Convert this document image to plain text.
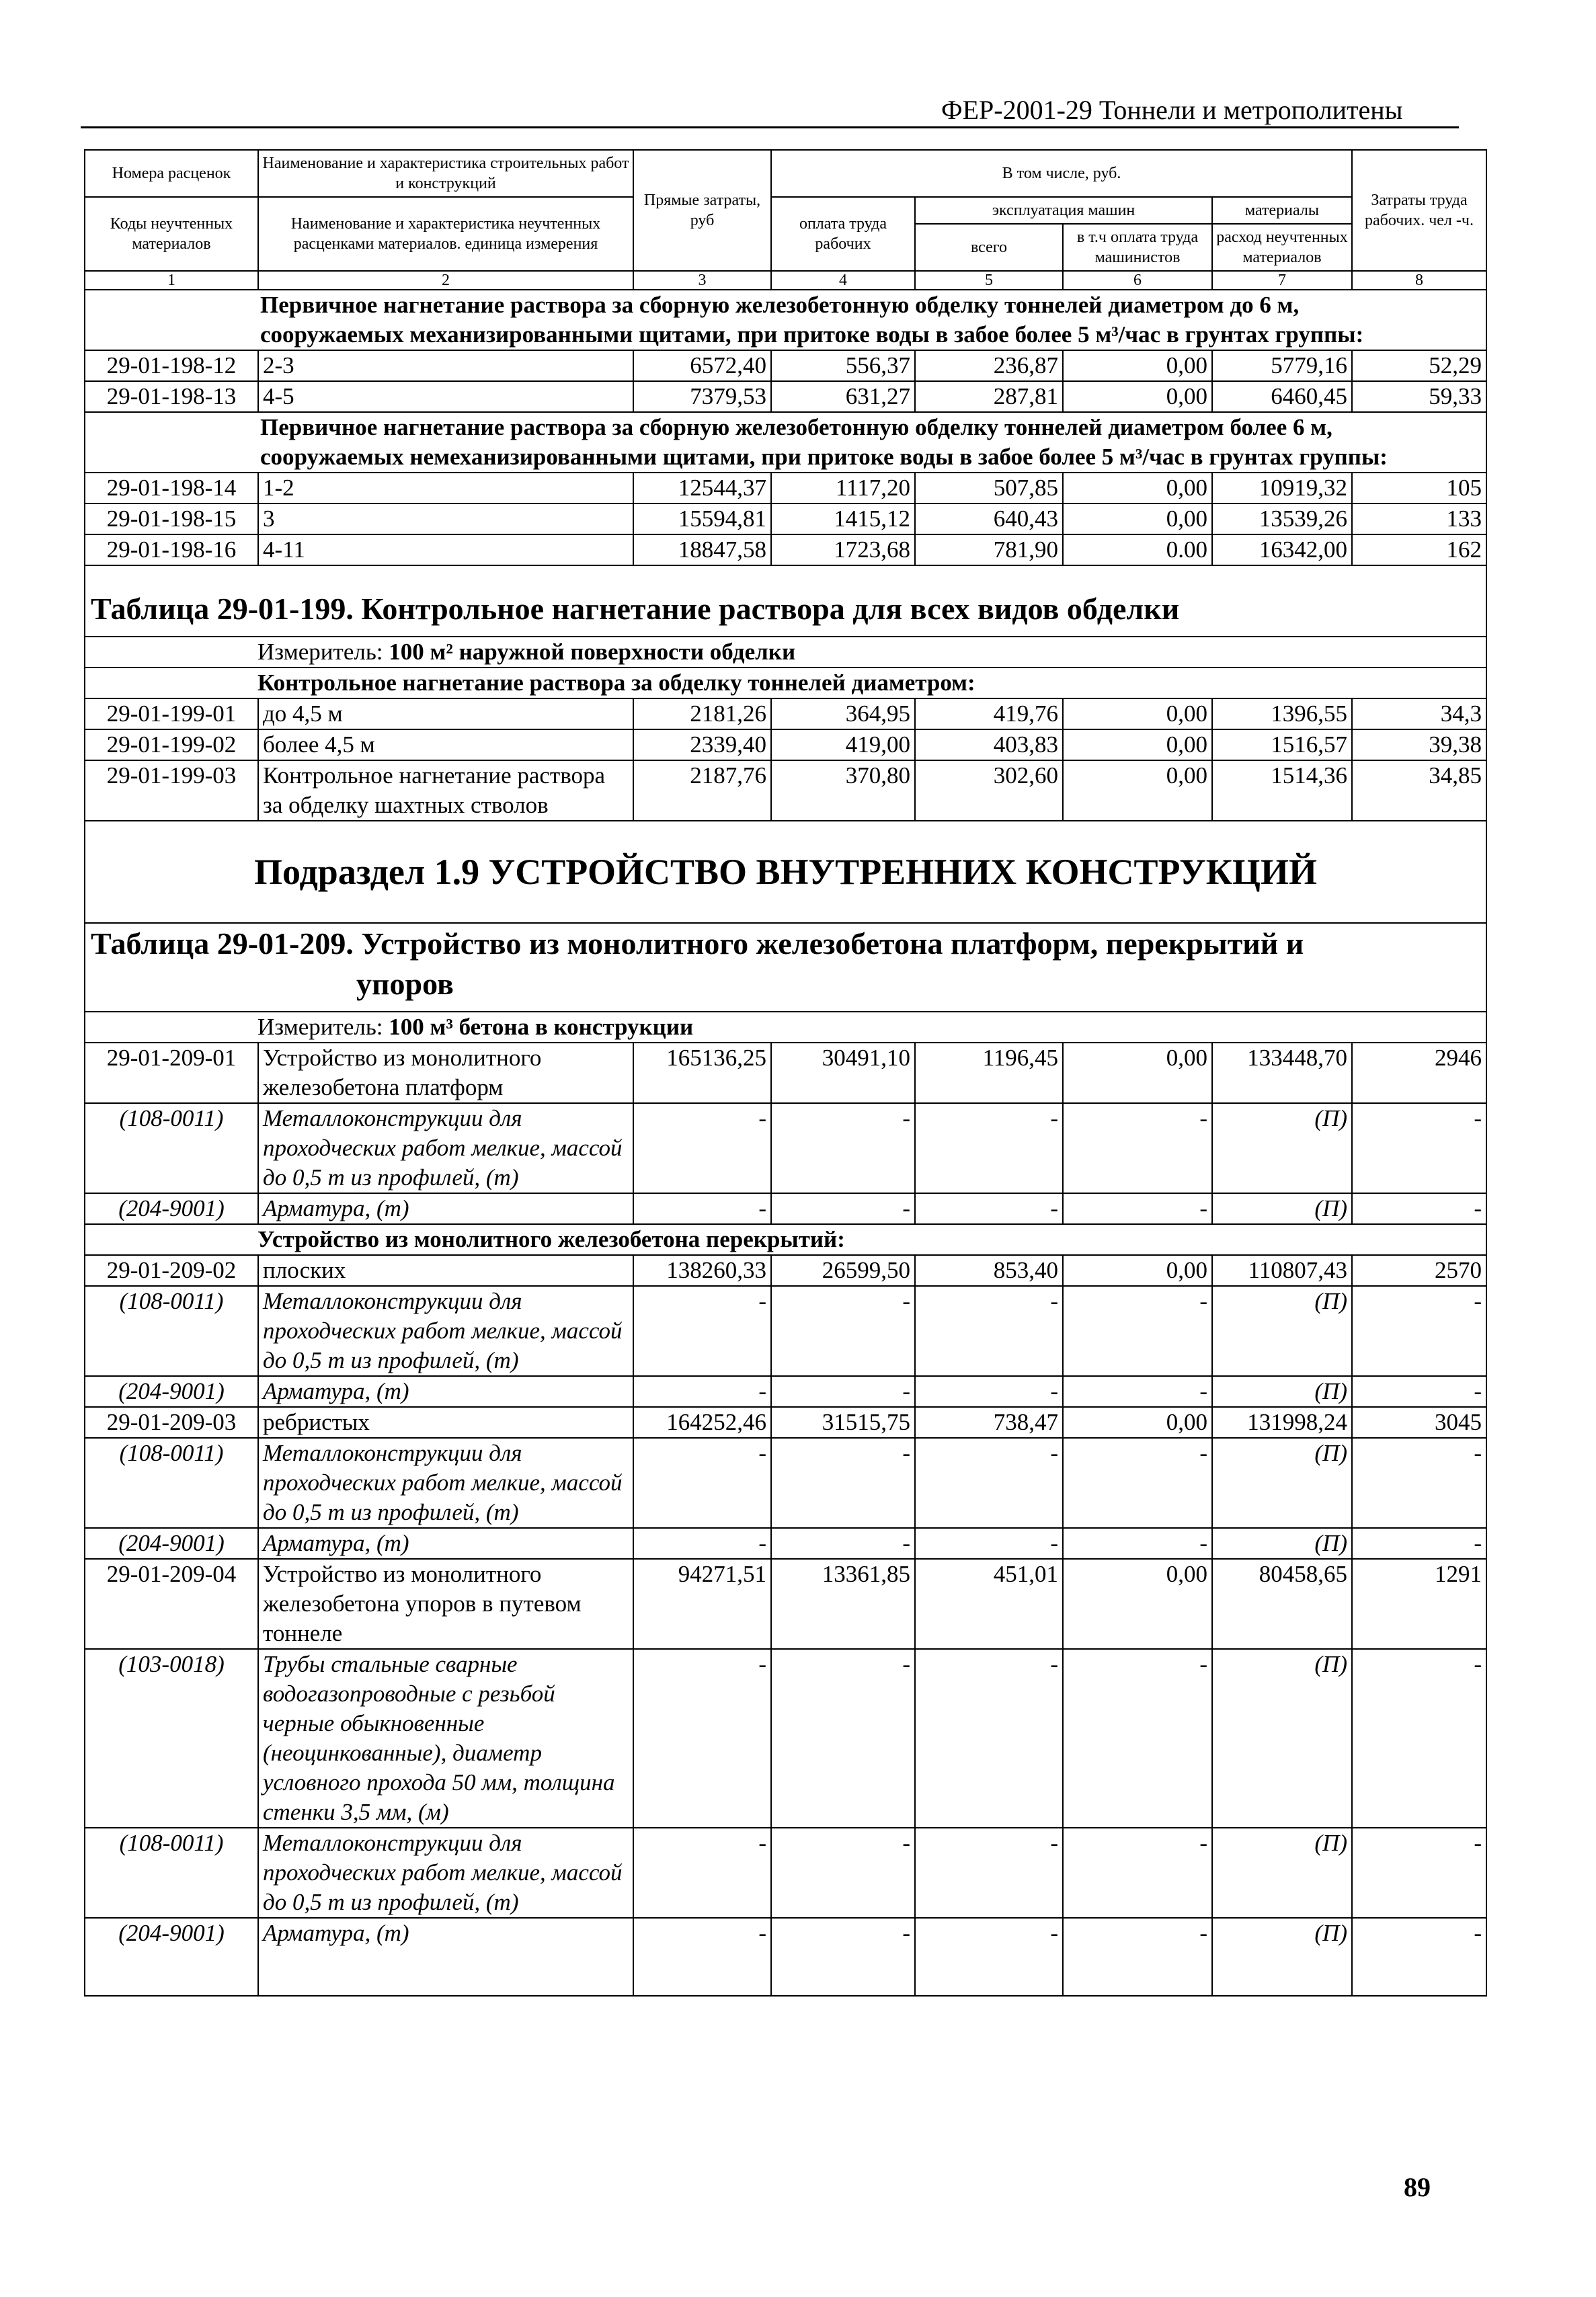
ФЕР-2001-29 Тоннели и метрополитены
Номера расценок	Наименование и характеристика строительных работ и конструкций	Прямые затраты, руб	В том числе, руб.				Затраты труда рабочих. чел -ч.
Коды неучтенных материалов	Наименование и характеристика неучтенных расценками материалов. единица измерения		оплата труда рабочих	эксплуатация машин		материалы	
				всего	в т.ч оплата труда машинистов	расход неучтенных материалов	
1	2	3	4	5	6	7	8
Первичное нагнетание раствора за сборную железобетонную обделку тоннелей диаметром до 6 м,
сооружаемых механизированными щитами, при притоке воды в забое более 5 м³/час в грунтах группы:							
29-01-198-12	2-3	6572,40	556,37	236,87	0,00	5779,16	52,29
29-01-198-13	4-5	7379,53	631,27	287,81	0,00	6460,45	59,33
Первичное нагнетание раствора за сборную железобетонную обделку тоннелей диаметром более 6 м,
сооружаемых немеханизированными щитами, при притоке воды в забое более 5 м³/час в грунтах группы:							
29-01-198-14	1-2	12544,37	1117,20	507,85	0,00	10919,32	105
29-01-198-15	3	15594,81	1415,12	640,43	0,00	13539,26	133
29-01-198-16	4-11	18847,58	1723,68	781,90	0.00	16342,00	162
Таблица 29-01-199. Контрольное нагнетание раствора для всех видов обделки							
Измеритель: 100 м² наружной поверхности обделки							
Контрольное нагнетание раствора за обделку тоннелей диаметром:							
29-01-199-01	до 4,5 м	2181,26	364,95	419,76	0,00	1396,55	34,3
29-01-199-02	более 4,5 м	2339,40	419,00	403,83	0,00	1516,57	39,38
29-01-199-03	Контрольное нагнетание раствора за обделку шахтных стволов	2187,76	370,80	302,60	0,00	1514,36	34,85
Подраздел 1.9 УСТРОЙСТВО ВНУТРЕННИХ КОНСТРУКЦИЙ							
Таблица 29-01-209. Устройство из монолитного железобетона платформ, перекрытий и
упоров							
Измеритель: 100 м³ бетона в конструкции							
29-01-209-01	Устройство из монолитного железобетона платформ	165136,25	30491,10	1196,45	0,00	133448,70	2946
(108-0011)	Металлоконструкции для проходческих работ мелкие, массой до 0,5 т из профилей, (т)	-	-	-	-	(П)	-
(204-9001)	Арматура, (т)	-	-	-	-	(П)	-
Устройство из монолитного железобетона перекрытий:							
29-01-209-02	плоских	138260,33	26599,50	853,40	0,00	110807,43	2570
(108-0011)	Металлоконструкции для проходческих работ мелкие, массой до 0,5 т из профилей, (т)	-	-	-	-	(П)	-
(204-9001)	Арматура, (т)	-	-	-	-	(П)	-
29-01-209-03	ребристых	164252,46	31515,75	738,47	0,00	131998,24	3045
(108-0011)	Металлоконструкции для проходческих работ мелкие, массой до 0,5 т из профилей, (т)	-	-	-	-	(П)	-
(204-9001)	Арматура, (т)	-	-	-	-	(П)	-
29-01-209-04	Устройство из монолитного железобетона упоров в путевом тоннеле	94271,51	13361,85	451,01	0,00	80458,65	1291
(103-0018)	Трубы стальные сварные водогазопроводные с резьбой черные обыкновенные (неоцинкованные), диаметр условного прохода 50 мм, толщина стенки 3,5 мм, (м)	-	-	-	-	(П)	-
(108-0011)	Металлоконструкции для проходческих работ мелкие, массой до 0,5 т из профилей, (т)	-	-	-	-	(П)	-
(204-9001)	Арматура, (т)	-	-	-	-	(П)	-
89
